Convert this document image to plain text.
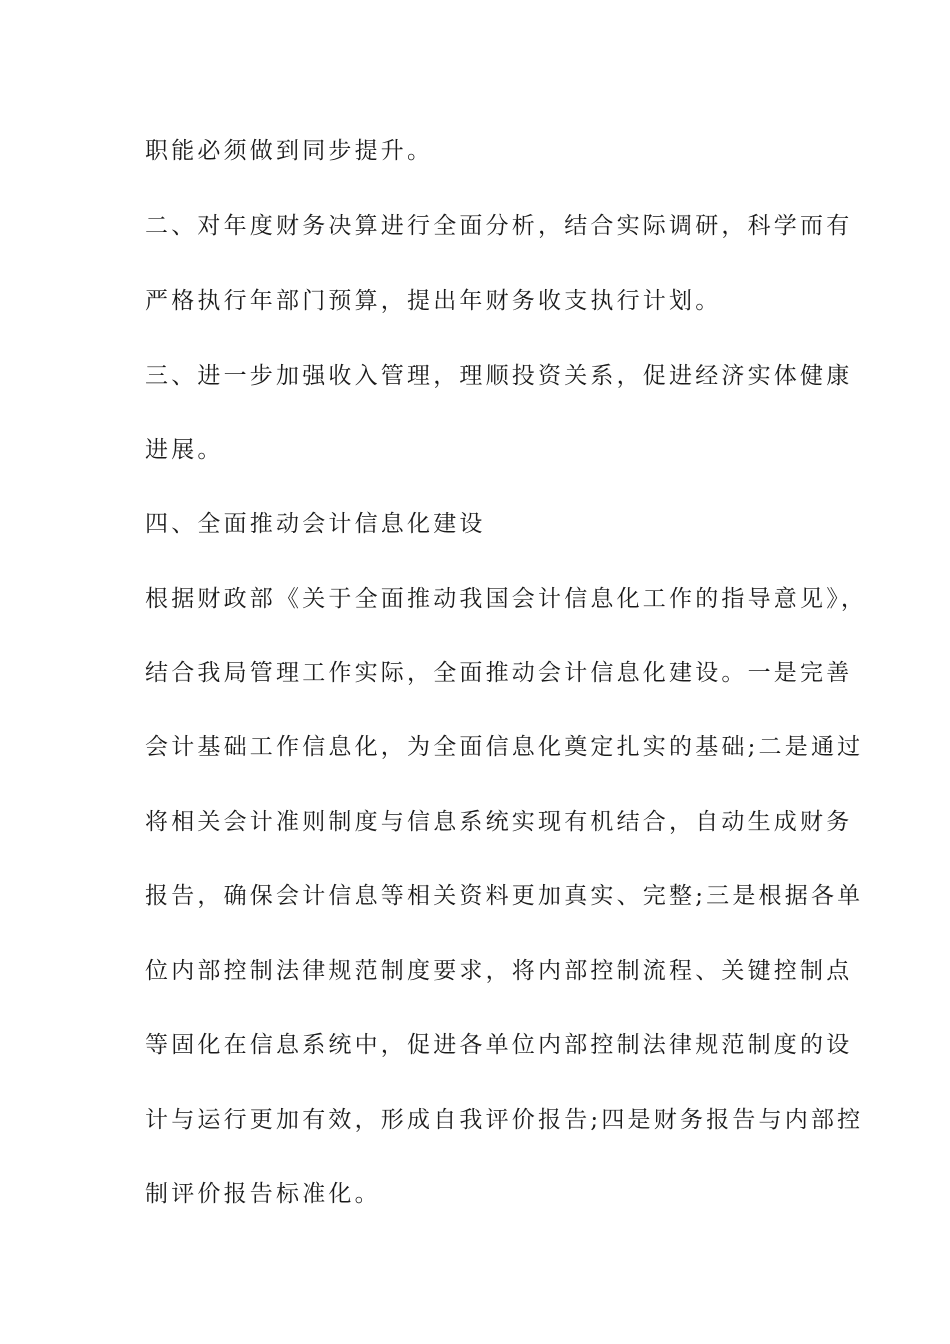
职能必须做到同步提升。
二、对年度财务决算进行全面分析，结合实际调研，科学而有
严格执行年部门预算，提出年财务收支执行计划。
三、进一步加强收入管理，理顺投资关系，促进经济实体健康
进展。
四、全面推动会计信息化建设
根据财政部《关于全面推动我国会计信息化工作的指导意见》，
结合我局管理工作实际，全面推动会计信息化建设。一是完善
会计基础工作信息化，为全面信息化奠定扎实的基础;二是通过
将相关会计准则制度与信息系统实现有机结合，自动生成财务
报告，确保会计信息等相关资料更加真实、完整;三是根据各单
位内部控制法律规范制度要求，将内部控制流程、关键控制点
等固化在信息系统中，促进各单位内部控制法律规范制度的设
计与运行更加有效，形成自我评价报告;四是财务报告与内部控
制评价报告标准化。
